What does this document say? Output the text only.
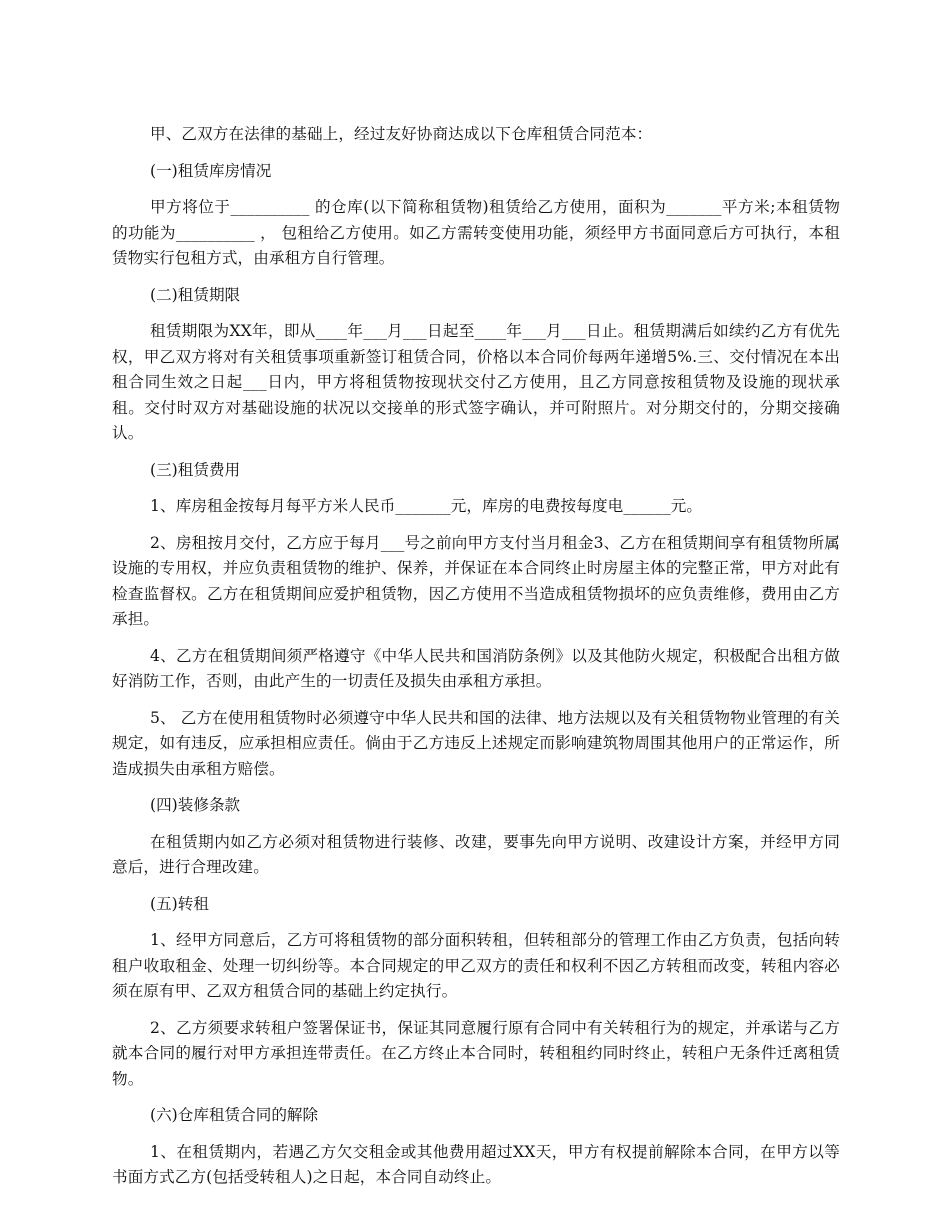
甲、乙双方在法律的基础上，经过友好协商达成以下仓库租赁合同范本：

(一)租赁库房情况

甲方将位于__________ 的仓库(以下简称租赁物)租赁给乙方使用，面积为_______平方米;本租赁物的功能为__________ ， 包租给乙方使用。如乙方需转变使用功能，须经甲方书面同意后方可执行，本租赁物实行包租方式，由承租方自行管理。

(二)租赁期限

租赁期限为XX年，即从____年___月___日起至____年___月___日止。租赁期满后如续约乙方有优先权，甲乙双方将对有关租赁事项重新签订租赁合同，价格以本合同价每两年递增5%.三、交付情况在本出租合同生效之日起___日内，甲方将租赁物按现状交付乙方使用，且乙方同意按租赁物及设施的现状承租。交付时双方对基础设施的状况以交接单的形式签字确认，并可附照片。对分期交付的，分期交接确认。

(三)租赁费用

1、库房租金按每月每平方米人民币_______元，库房的电费按每度电______元。

2、房租按月交付，乙方应于每月___号之前向甲方支付当月租金3、乙方在租赁期间享有租赁物所属设施的专用权，并应负责租赁物的维护、保养，并保证在本合同终止时房屋主体的完整正常，甲方对此有检查监督权。乙方在租赁期间应爱护租赁物，因乙方使用不当造成租赁物损坏的应负责维修，费用由乙方承担。

4、乙方在租赁期间须严格遵守《中华人民共和国消防条例》以及其他防火规定，积极配合出租方做好消防工作，否则，由此产生的一切责任及损失由承租方承担。

5、 乙方在使用租赁物时必须遵守中华人民共和国的法律、地方法规以及有关租赁物物业管理的有关规定，如有违反，应承担相应责任。倘由于乙方违反上述规定而影响建筑物周围其他用户的正常运作，所造成损失由承租方赔偿。

(四)装修条款

在租赁期内如乙方必须对租赁物进行装修、改建，要事先向甲方说明、改建设计方案，并经甲方同意后，进行合理改建。

(五)转租

1、经甲方同意后，乙方可将租赁物的部分面积转租，但转租部分的管理工作由乙方负责，包括向转租户收取租金、处理一切纠纷等。本合同规定的甲乙双方的责任和权利不因乙方转租而改变，转租内容必须在原有甲、乙双方租赁合同的基础上约定执行。

2、乙方须要求转租户签署保证书，保证其同意履行原有合同中有关转租行为的规定，并承诺与乙方就本合同的履行对甲方承担连带责任。在乙方终止本合同时，转租租约同时终止，转租户无条件迁离租赁物。

(六)仓库租赁合同的解除

1、在租赁期内，若遇乙方欠交租金或其他费用超过XX天，甲方有权提前解除本合同，在甲方以等书面方式乙方(包括受转租人)之日起，本合同自动终止。
